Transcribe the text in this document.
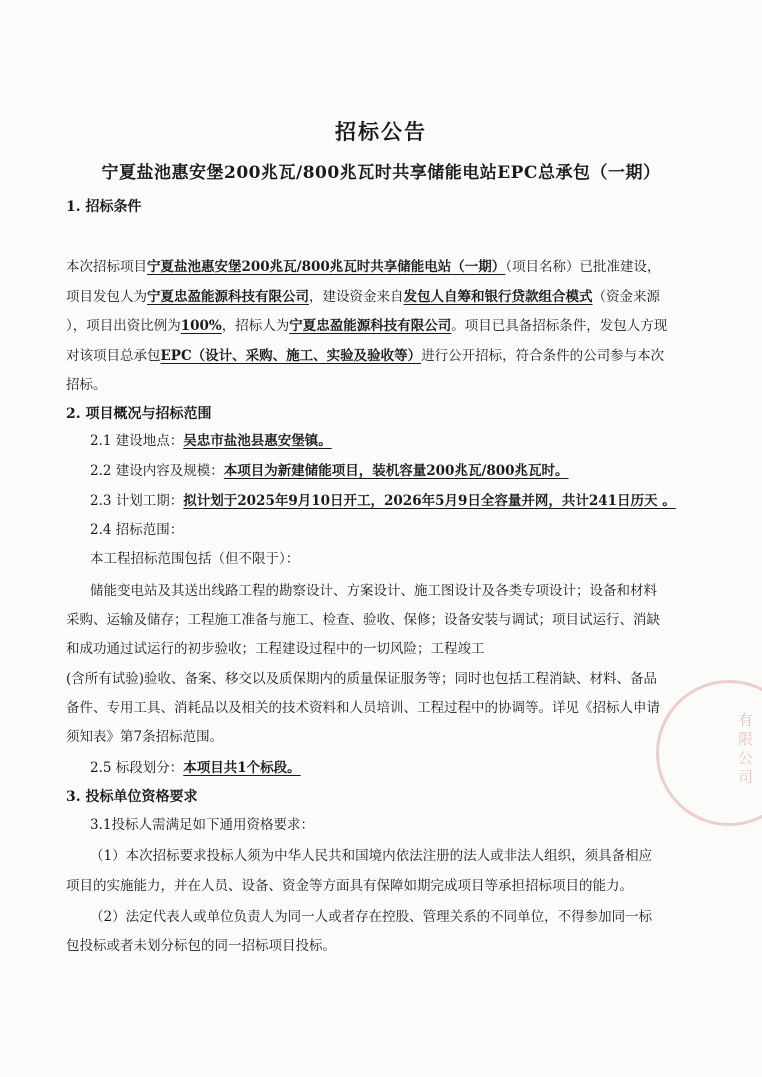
招标公告
宁夏盐池惠安堡200兆瓦/800兆瓦时共享储能电站EPC总承包（一期）
1. 招标条件
本次招标项目宁夏盐池惠安堡200兆瓦/800兆瓦时共享储能电站（一期）（项目名称）已批准建设，
项目发包人为宁夏忠盈能源科技有限公司，建设资金来自发包人自筹和银行贷款组合模式（资金来源
），项目出资比例为100%，招标人为宁夏忠盈能源科技有限公司。项目已具备招标条件，发包人方现
对该项目总承包EPC（设计、采购、施工、实验及验收等）进行公开招标，符合条件的公司参与本次
招标。
2. 项目概况与招标范围
2.1 建设地点：吴忠市盐池县惠安堡镇。
2.2 建设内容及规模：本项目为新建储能项目，装机容量200兆瓦/800兆瓦时。
2.3 计划工期：拟计划于2025年9月10日开工，2026年5月9日全容量并网，共计241日历天 。
2.4 招标范围：
本工程招标范围包括（但不限于）：
储能变电站及其送出线路工程的勘察设计、方案设计、施工图设计及各类专项设计；设备和材料
采购、运输及储存；工程施工准备与施工、检查、验收、保修；设备安装与调试；项目试运行、消缺
和成功通过试运行的初步验收；工程建设过程中的一切风险；工程竣工
(含所有试验)验收、备案、移交以及质保期内的质量保证服务等；同时也包括工程消缺、材料、备品
备件、专用工具、消耗品以及相关的技术资料和人员培训、工程过程中的协调等。详见《招标人申请
须知表》第7条招标范围。
2.5 标段划分：本项目共1个标段。
3. 投标单位资格要求
3.1投标人需满足如下通用资格要求：
（1）本次招标要求投标人须为中华人民共和国境内依法注册的法人或非法人组织，须具备相应
项目的实施能力，并在人员、设备、资金等方面具有保障如期完成项目等承担招标项目的能力。
（2）法定代表人或单位负责人为同一人或者存在控股、管理关系的不同单位，不得参加同一标
包投标或者未划分标包的同一招标项目投标。
有限公司
